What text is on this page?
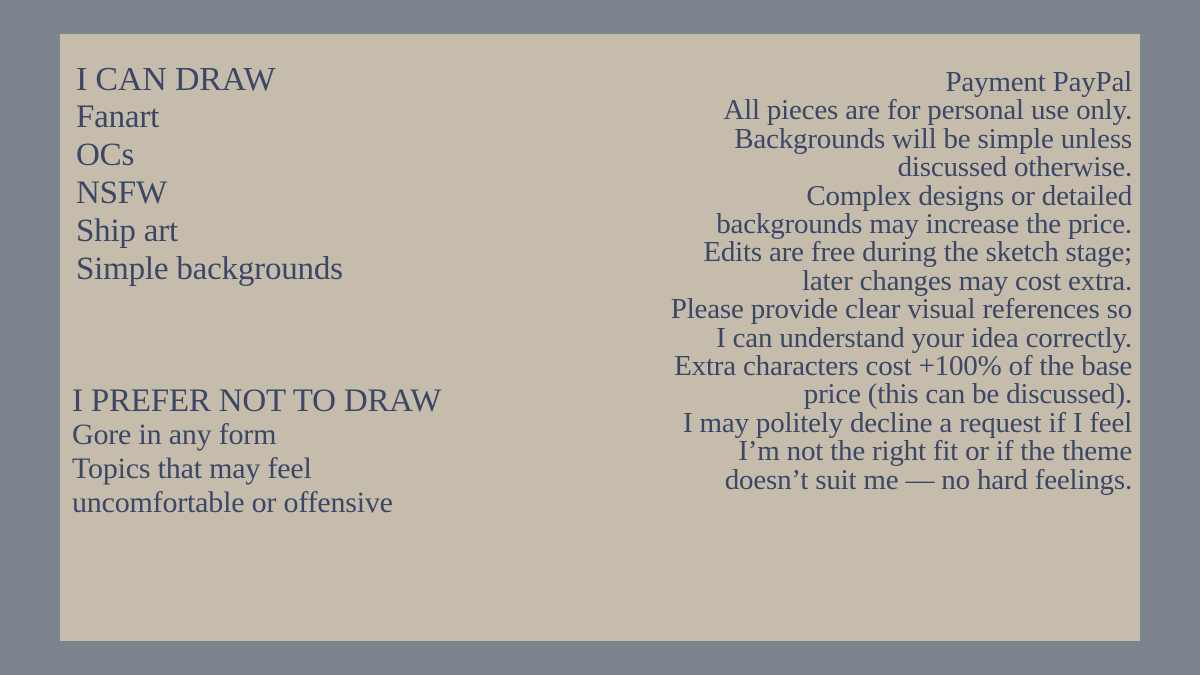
I CAN DRAW
Fanart
OCs
NSFW
Ship art
Simple backgrounds
I PREFER NOT TO DRAW
Gore in any form
Topics that may feel
uncomfortable or offensive
Payment PayPal
All pieces are for personal use only.
Backgrounds will be simple unless
discussed otherwise.
Complex designs or detailed
backgrounds may increase the price.
Edits are free during the sketch stage;
later changes may cost extra.
Please provide clear visual references so
I can understand your idea correctly.
Extra characters cost +100% of the base
price (this can be discussed).
I may politely decline a request if I feel
I’m not the right fit or if the theme
doesn’t suit me — no hard feelings.
